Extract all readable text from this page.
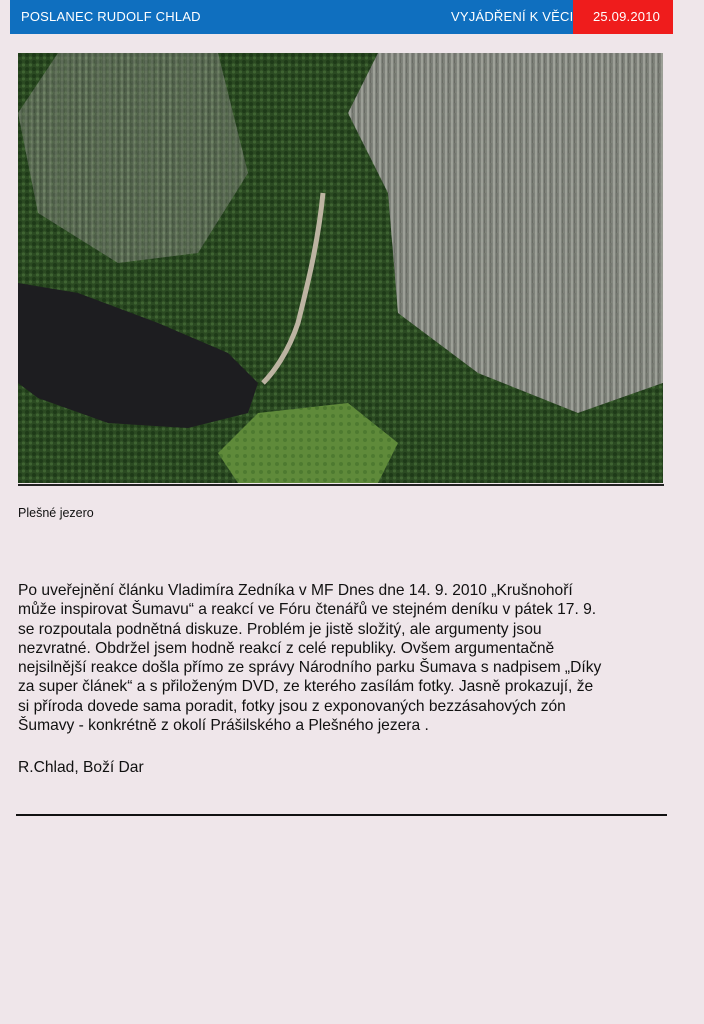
POSLANEC RUDOLF CHLAD	VYJÁDŘENÍ K VĚCI 25.09.2010
Plešné jezero

Po uveřejnění článku Vladimíra Zedníka v MF Dnes dne 14. 9. 2010 „Krušnohoří

může inspirovat Šumavu“ a reakcí ve Fóru čtenářů ve stejném deníku v pátek 17. 9.

se rozpoutala podnětná diskuze. Problém je jistě složitý, ale argumenty jsou

nezvratné. Obdržel jsem hodně reakcí z celé republiky. Ovšem argumentačně

nejsilnější reakce došla přímo ze správy Národního parku Šumava s nadpisem „Díky

za super článek“ a s přiloženým DVD, ze kterého zasílám fotky. Jasně prokazují, že

si příroda dovede sama poradit, fotky jsou z exponovaných bezzásahových zón

Šumavy - konkrétně z okolí Prášilského a Plešného jezera .

R.Chlad, Boží Dar
